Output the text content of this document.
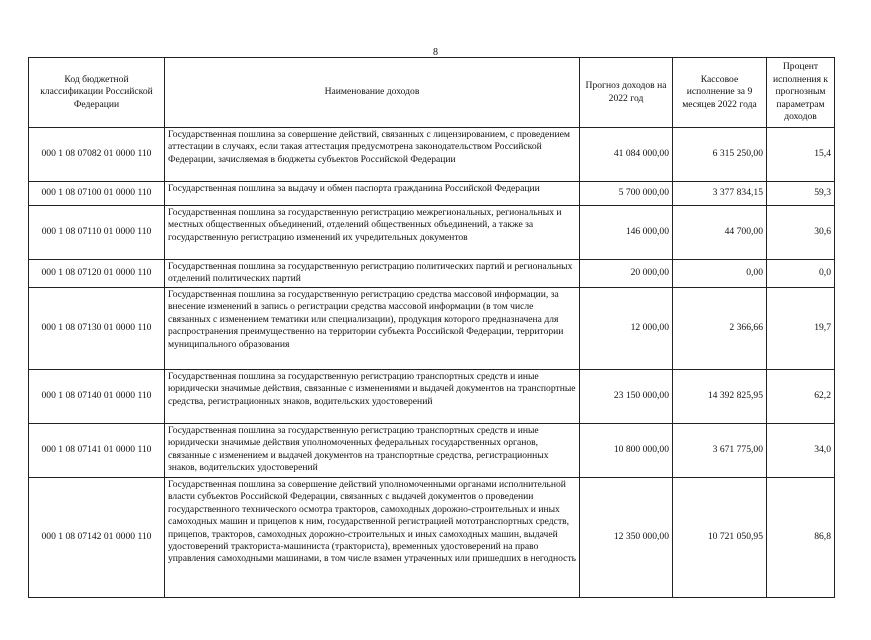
8
Код бюджетной классификации Российской Федерации	Наименование доходов	Прогноз доходов на 2022 год	Кассовое исполнение за 9 месяцев 2022 года	Процент исполнения к прогнозным параметрам доходов
000 1 08 07082 01 0000 110	Государственная пошлина за совершение действий, связанных с лицензированием, с проведением аттестации в случаях, если такая аттестация предусмотрена законодательством Российской Федерации, зачисляемая в бюджеты субъектов Российской Федерации	41 084 000,00	6 315 250,00	15,4
000 1 08 07100 01 0000 110	Государственная пошлина за выдачу и обмен паспорта гражданина Российской Федерации	5 700 000,00	3 377 834,15	59,3
000 1 08 07110 01 0000 110	Государственная пошлина за государственную регистрацию межрегиональных, региональных и местных общественных объединений, отделений общественных объединений, а также за государственную регистрацию изменений их учредительных документов	146 000,00	44 700,00	30,6
000 1 08 07120 01 0000 110	Государственная пошлина за государственную регистрацию политических партий и региональных отделений политических партий	20 000,00	0,00	0,0
000 1 08 07130 01 0000 110	Государственная пошлина за государственную регистрацию средства массовой информации, за внесение изменений в запись о регистрации средства массовой информации (в том числе связанных с изменением тематики или специализации), продукция которого предназначена для распространения преимущественно на территории субъекта Российской Федерации, территории муниципального образования	12 000,00	2 366,66	19,7
000 1 08 07140 01 0000 110	Государственная пошлина за государственную регистрацию транспортных средств и иные юридически значимые действия, связанные с изменениями и выдачей документов на транспортные средства, регистрационных знаков, водительских удостоверений	23 150 000,00	14 392 825,95	62,2
000 1 08 07141 01 0000 110	Государственная пошлина за государственную регистрацию транспортных средств и иные юридически значимые действия уполномоченных федеральных государственных органов, связанные с изменением и выдачей документов на транспортные средства, регистрационных знаков, водительских удостоверений	10 800 000,00	3 671 775,00	34,0
000 1 08 07142 01 0000 110	Государственная пошлина за совершение действий уполномоченными органами исполнительной власти субъектов Российской Федерации, связанных с выдачей документов о проведении государственного технического осмотра тракторов, самоходных дорожно-строительных и иных самоходных машин и прицепов к ним, государственной регистрацией мототранспортных средств, прицепов, тракторов, самоходных дорожно-строительных и иных самоходных машин, выдачей удостоверений тракториста-машиниста (тракториста), временных удостоверений на право управления самоходными машинами, в том числе взамен утраченных или пришедших в негодность	12 350 000,00	10 721 050,95	86,8
